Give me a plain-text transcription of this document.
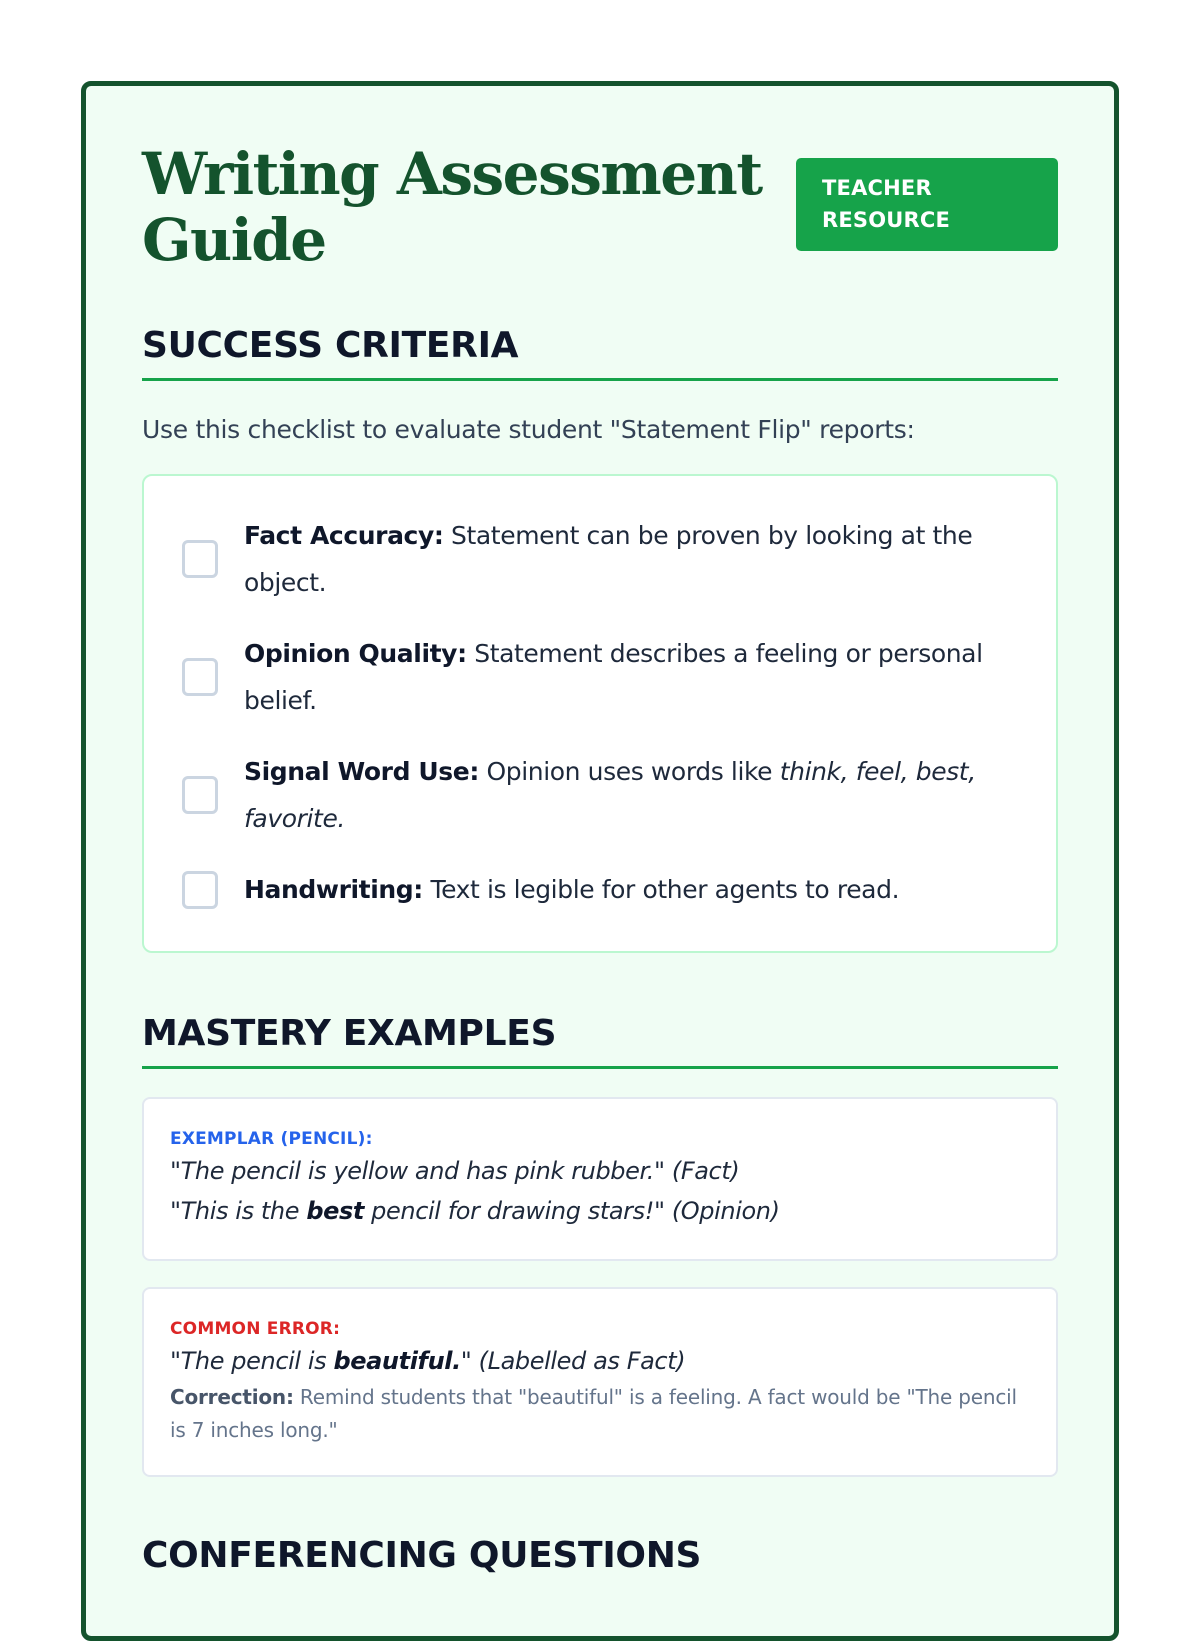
Writing Assessment Guide
TEACHER RESOURCE
SUCCESS CRITERIA

Use this checklist to evaluate student "Statement Flip" reports:

Fact Accuracy: Statement can be proven by looking at the object.
Opinion Quality: Statement describes a feeling or personal belief.
Signal Word Use: Opinion uses words like think, feel, best, favorite.
Handwriting: Text is legible for other agents to read.
MASTERY EXAMPLES
EXEMPLAR (PENCIL):
"The pencil is yellow and has pink rubber." (Fact)
"This is the best pencil for drawing stars!" (Opinion)
COMMON ERROR:
"The pencil is beautiful." (Labelled as Fact)
Correction: Remind students that "beautiful" is a feeling. A fact would be "The pencil is 7 inches long."
CONFERENCING QUESTIONS
